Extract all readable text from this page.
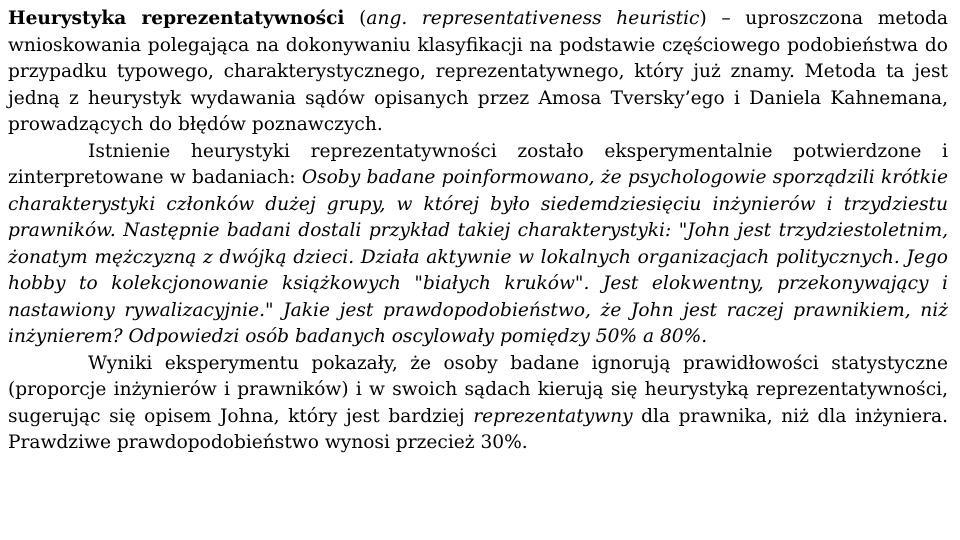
Heurystyka reprezentatywności (ang. representativeness heuristic) – uproszczona metoda wnioskowania polegająca na dokonywaniu klasyfikacji na podstawie częściowego podobieństwa do przypadku typowego, charakterystycznego, reprezentatywnego, który już znamy. Metoda ta jest jedną z heurystyk wydawania sądów opisanych przez Amosa Tversky’ego i Daniela Kahnemana, prowadzących do błędów poznawczych.

Istnienie heurystyki reprezentatywności zostało eksperymentalnie potwierdzone i zinterpretowane w badaniach: Osoby badane poinformowano, że psychologowie sporządzili krótkie charakterystyki członków dużej grupy, w której było siedemdziesięciu inżynierów i trzydziestu prawników. Następnie badani dostali przykład takiej charakterystyki: "John jest trzydziestoletnim, żonatym mężczyzną z dwójką dzieci. Działa aktywnie w lokalnych organizacjach politycznych. Jego hobby to kolekcjonowanie książkowych "białych kruków". Jest elokwentny, przekonywający i nastawiony rywalizacyjnie." Jakie jest prawdopodobieństwo, że John jest raczej prawnikiem, niż inżynierem? Odpowiedzi osób badanych oscylowały pomiędzy 50% a 80%.

Wyniki eksperymentu pokazały, że osoby badane ignorują prawidłowości statystyczne (proporcje inżynierów i prawników) i w swoich sądach kierują się heurystyką reprezentatywności, sugerując się opisem Johna, który jest bardziej reprezentatywny dla prawnika, niż dla inżyniera. Prawdziwe prawdopodobieństwo wynosi przecież 30%.
